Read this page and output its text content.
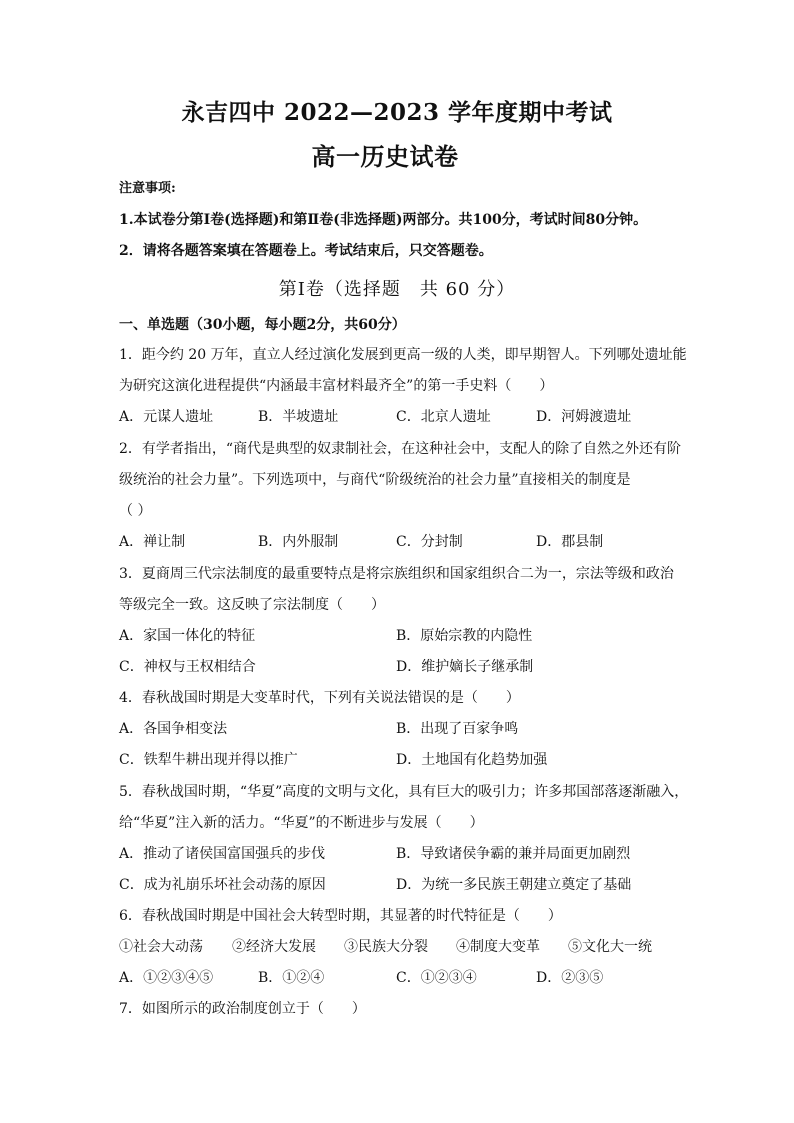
永吉四中 2022—2023 学年度期中考试
高一历史试卷
注意事项:
1.本试卷分第Ⅰ卷(选择题)和第Ⅱ卷(非选择题)两部分。共100分，考试时间80分钟。
2．请将各题答案填在答题卷上。考试结束后，只交答题卷。
第Ⅰ卷（选择题　共 60 分）
一、单选题（30小题，每小题2分，共60分）
1．距今约 20 万年，直立人经过演化发展到更高一级的人类，即早期智人。下列哪处遗址能
为研究这演化进程提供“内涵最丰富材料最齐全”的第一手史料（　　）
A．元谋人遗址	B．半坡遗址	C．北京人遗址	D．河姆渡遗址
2．有学者指出，“商代是典型的奴隶制社会，在这种社会中，支配人的除了自然之外还有阶
级统治的社会力量”。下列选项中，与商代“阶级统治的社会力量”直接相关的制度是
（ ）
A．禅让制	B．内外服制	C．分封制	D．郡县制
3．夏商周三代宗法制度的最重要特点是将宗族组织和国家组织合二为一，宗法等级和政治
等级完全一致。这反映了宗法制度（　　）
A．家国一体化的特征	B．原始宗教的内隐性
C．神权与王权相结合	D．维护嫡长子继承制
4．春秋战国时期是大变革时代，下列有关说法错误的是（　　）
A．各国争相变法	B．出现了百家争鸣
C．铁犁牛耕出现并得以推广	D．土地国有化趋势加强
5．春秋战国时期，“华夏”高度的文明与文化，具有巨大的吸引力；许多邦国部落逐渐融入，
给“华夏”注入新的活力。“华夏”的不断进步与发展（　　）
A．推动了诸侯国富国强兵的步伐	B．导致诸侯争霸的兼并局面更加剧烈
C．成为礼崩乐坏社会动荡的原因	D．为统一多民族王朝建立奠定了基础
6．春秋战国时期是中国社会大转型时期，其显著的时代特征是（　　）
①社会大动荡 ②经济大发展 ③民族大分裂 ④制度大变革 ⑤文化大一统
A．①②③④⑤	B．①②④	C．①②③④	D．②③⑤
7．如图所示的政治制度创立于（　　）
